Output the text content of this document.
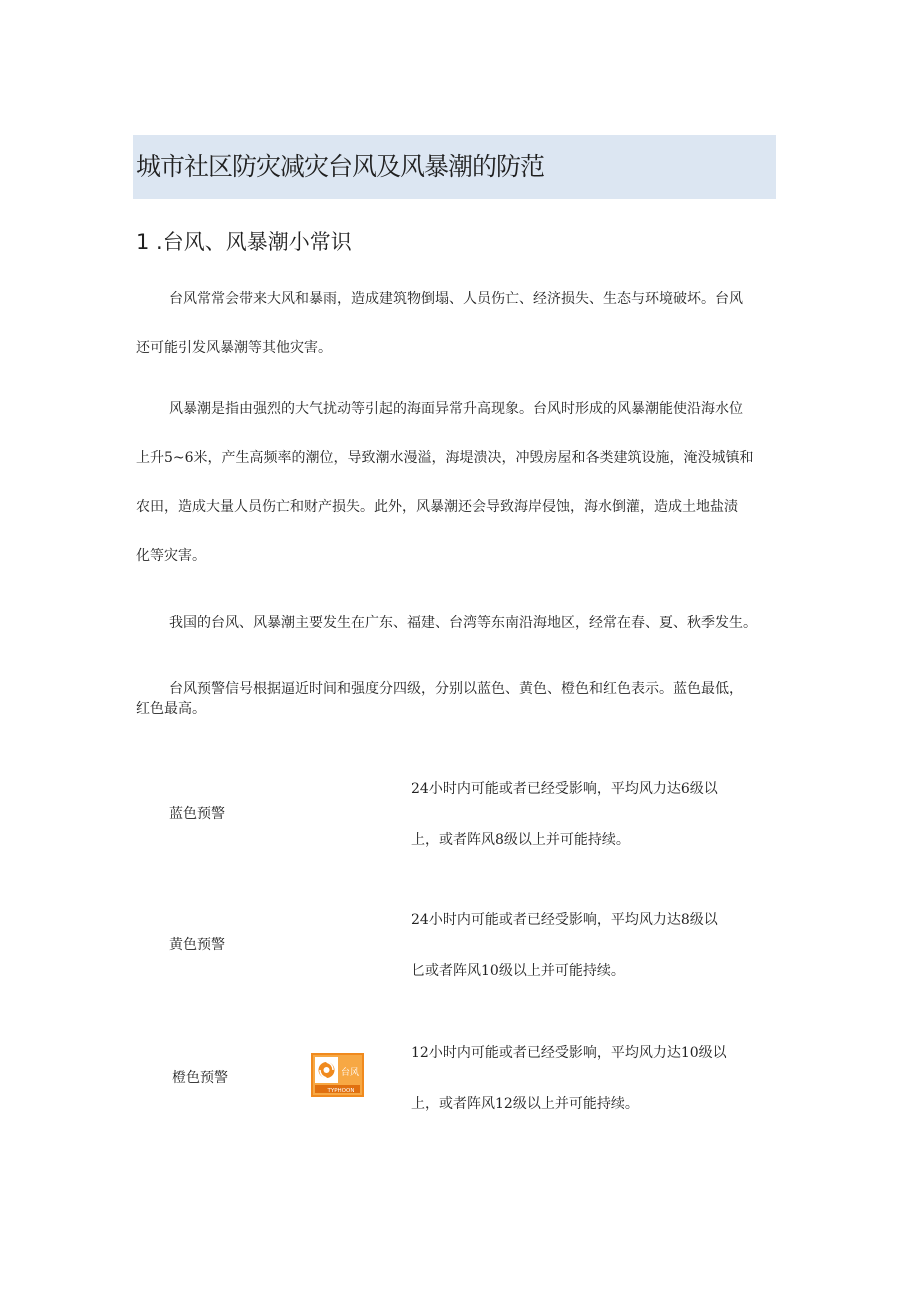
城市社区防灾减灾台风及风暴潮的防范
1 .台风、风暴潮小常识
台风常常会带来大风和暴雨，造成建筑物倒塌、人员伤亡、经济损失、生态与环境破坏。台风
还可能引发风暴潮等其他灾害。
风暴潮是指由强烈的大气扰动等引起的海面异常升高现象。台风时形成的风暴潮能使沿海水位
上升5~6米，产生高频率的潮位，导致潮水漫溢，海堤溃决，冲毁房屋和各类建筑设施，淹没城镇和
农田，造成大量人员伤亡和财产损失。此外，风暴潮还会导致海岸侵蚀，海水倒灌，造成土地盐渍
化等灾害。
我国的台风、风暴潮主要发生在广东、福建、台湾等东南沿海地区，经常在春、夏、秋季发生。
台风预警信号根据逼近时间和强度分四级，分别以蓝色、黄色、橙色和红色表示。蓝色最低，
红色最高。
蓝色预警
24小时内可能或者已经受影响，平均风力达6级以
上，或者阵风8级以上并可能持续。
黄色预警
24小时内可能或者已经受影响，平均风力达8级以
匕或者阵风10级以上并可能持续。
橙色预警	台风
TYPHOON
12小时内可能或者已经受影响，平均风力达10级以
上，或者阵风12级以上并可能持续。
